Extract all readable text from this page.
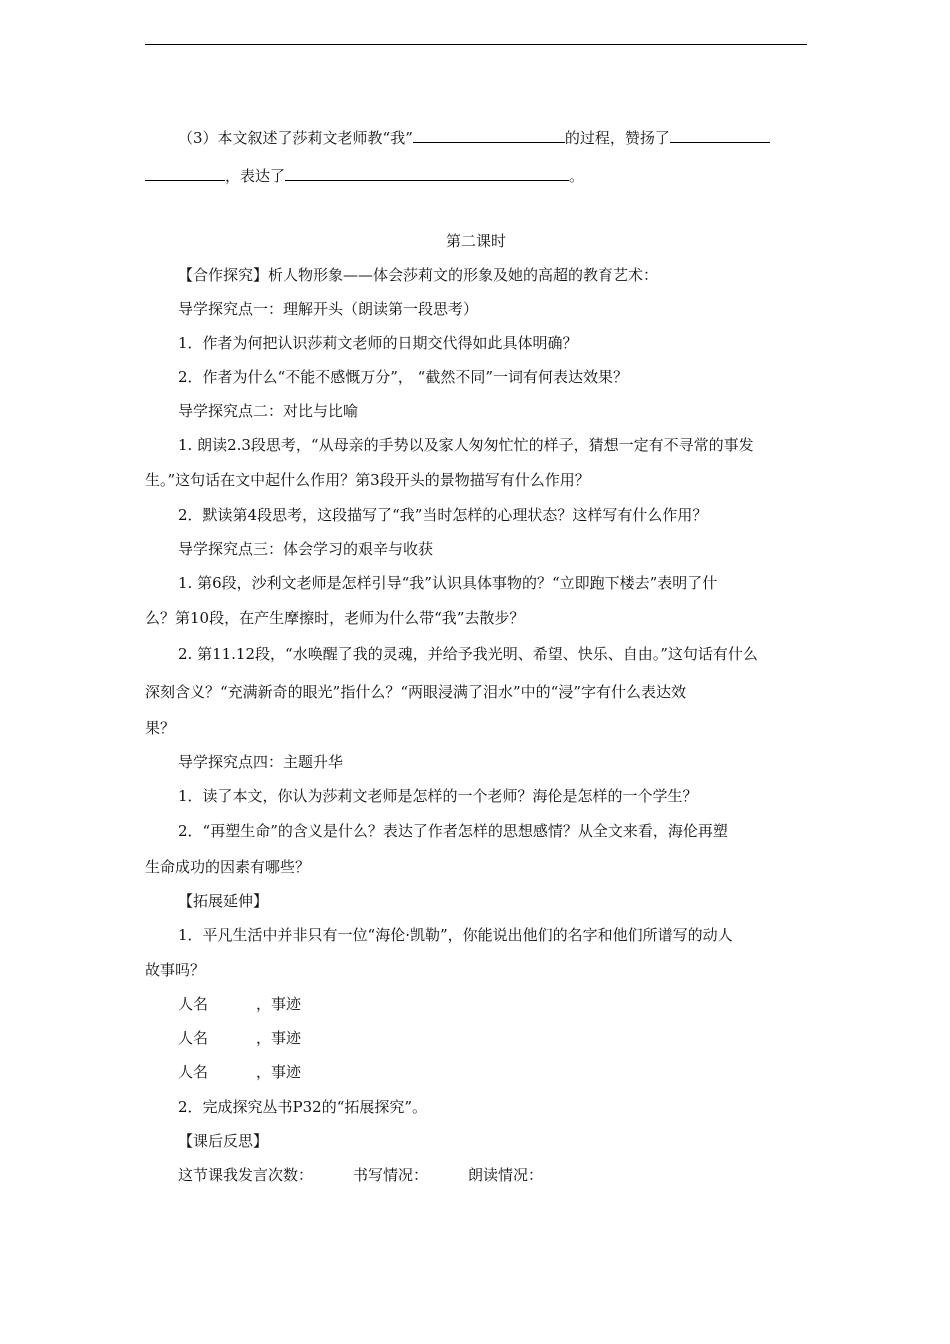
（3）本文叙述了莎莉文老师教“我”	的过程，赞扬了
，表达了	。
第二课时
【合作探究】析人物形象——体会莎莉文的形象及她的高超的教育艺术：
导学探究点一：理解开头（朗读第一段思考）
1．作者为何把认识莎莉文老师的日期交代得如此具体明确？
2．作者为什么“不能不感慨万分”， “截然不同”一词有何表达效果？
导学探究点二：对比与比喻
1. 朗读2.3段思考，“从母亲的手势以及家人匆匆忙忙的样子，猜想一定有不寻常的事发
生。”这句话在文中起什么作用？第3段开头的景物描写有什么作用？
2．默读第4段思考，这段描写了“我”当时怎样的心理状态？这样写有什么作用？
导学探究点三：体会学习的艰辛与收获
1. 第6段，沙利文老师是怎样引导“我”认识具体事物的？“立即跑下楼去”表明了什
么？第10段，在产生摩擦时，老师为什么带“我”去散步？
2. 第11.12段，“水唤醒了我的灵魂，并给予我光明、希望、快乐、自由。”这句话有什么
深刻含义？“充满新奇的眼光”指什么？“两眼浸满了泪水”中的“浸”字有什么表达效
果？
导学探究点四：主题升华
1．读了本文，你认为莎莉文老师是怎样的一个老师？海伦是怎样的一个学生？
2．“再塑生命”的含义是什么？表达了作者怎样的思想感情？从全文来看，海伦再塑
生命成功的因素有哪些？
【拓展延伸】
1．平凡生活中并非只有一位“海伦·凯勒”，你能说出他们的名字和他们所谱写的动人
故事吗？
人名	，事迹
人名	，事迹
人名	，事迹
2．完成探究丛书P32的“拓展探究”。
【课后反思】
这节课我发言次数：	书写情况：	朗读情况：
